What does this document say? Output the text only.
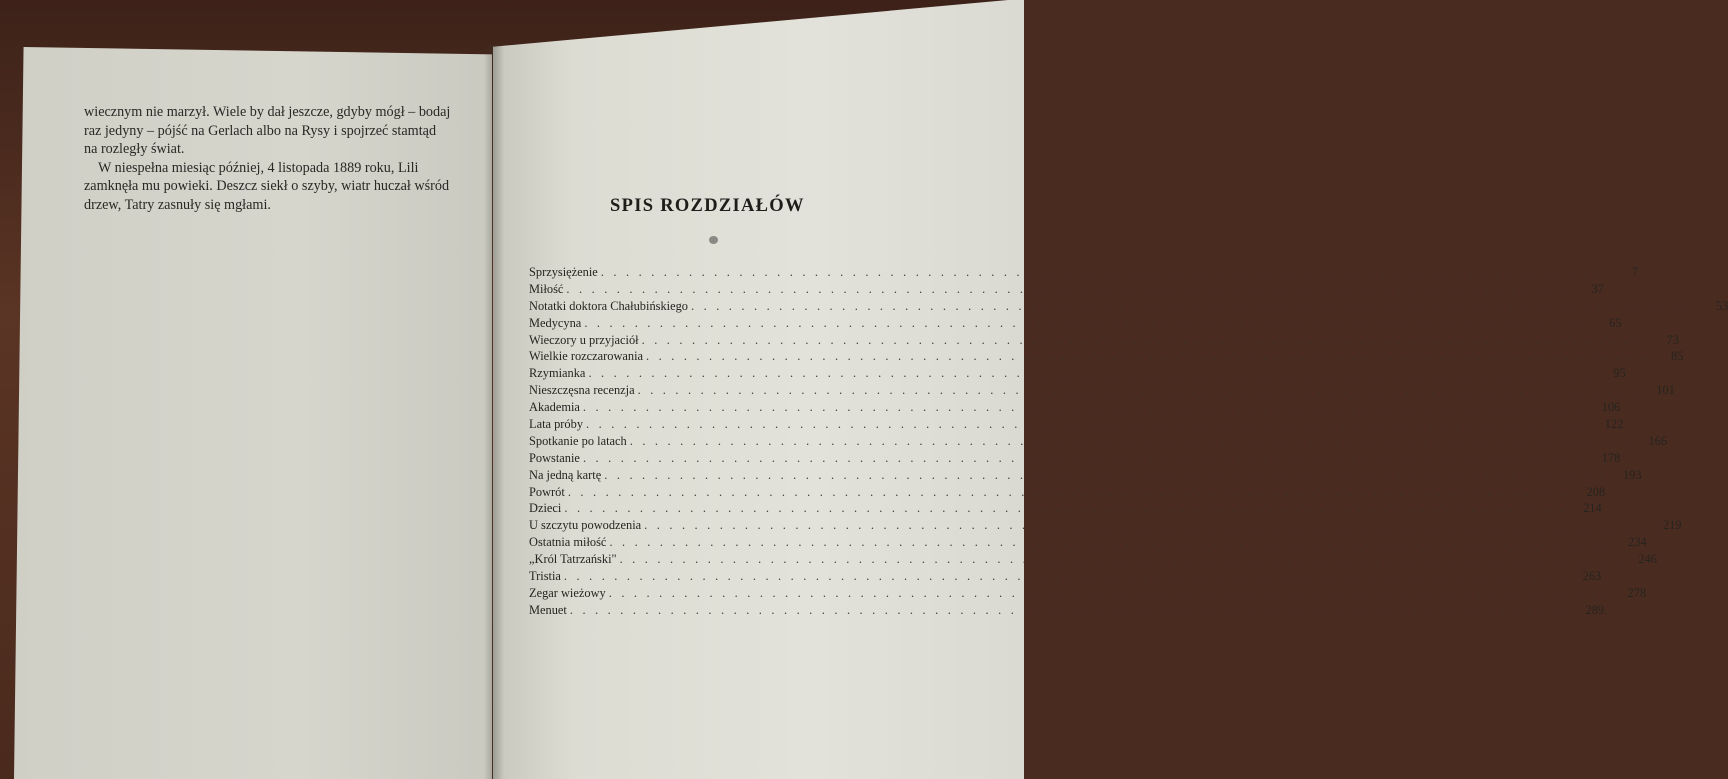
wiecznym nie marzył. Wiele by dał jeszcze, gdyby mógł – bodaj
raz jedyny – pójść na Gerlach albo na Rysy i spojrzeć stamtąd
na rozległy świat.
W niespełna miesiąc później, 4 listopada 1889 roku, Lili
zamknęła mu powieki. Deszcz siekł o szyby, wiatr huczał wśród
drzew, Tatry zasnuły się mgłami.	SPIS ROZDZIAŁÓW
Sprzysiężenie . . . . . . . . . . . . . . . . . . . . . . . . . . . . . . . . . . . . . . . . . . . . . . . . . . . . . . . . . . . . . . . . . . . . . . . . . . . . . . . .	7
Miłość . . . . . . . . . . . . . . . . . . . . . . . . . . . . . . . . . . . . . . . . . . . . . . . . . . . . . . . . . . . . . . . . . . . . . . . . . . . . . . . .	37
Notatki doktora Chałubińskiego . . . . . . . . . . . . . . . . . . . . . . . . . . . . . . . . . . . . . . . . . . . . . . . . . . . . . . . . . . . . . . . . . . . . . . . . . . . . . . . .	53
Medycyna . . . . . . . . . . . . . . . . . . . . . . . . . . . . . . . . . . . . . . . . . . . . . . . . . . . . . . . . . . . . . . . . . . . . . . . . . . . . . . . .	65
Wieczory u przyjaciół . . . . . . . . . . . . . . . . . . . . . . . . . . . . . . . . . . . . . . . . . . . . . . . . . . . . . . . . . . . . . . . . . . . . . . . . . . . . . . . .	73
Wielkie rozczarowania . . . . . . . . . . . . . . . . . . . . . . . . . . . . . . . . . . . . . . . . . . . . . . . . . . . . . . . . . . . . . . . . . . . . . . . . . . . . . . . .	85
Rzymianka . . . . . . . . . . . . . . . . . . . . . . . . . . . . . . . . . . . . . . . . . . . . . . . . . . . . . . . . . . . . . . . . . . . . . . . . . . . . . . . .	95
Nieszczęsna recenzja . . . . . . . . . . . . . . . . . . . . . . . . . . . . . . . . . . . . . . . . . . . . . . . . . . . . . . . . . . . . . . . . . . . . . . . . . . . . . . . .	101
Akademia . . . . . . . . . . . . . . . . . . . . . . . . . . . . . . . . . . . . . . . . . . . . . . . . . . . . . . . . . . . . . . . . . . . . . . . . . . . . . . . .	106
Lata próby . . . . . . . . . . . . . . . . . . . . . . . . . . . . . . . . . . . . . . . . . . . . . . . . . . . . . . . . . . . . . . . . . . . . . . . . . . . . . . . .	122
Spotkanie po latach . . . . . . . . . . . . . . . . . . . . . . . . . . . . . . . . . . . . . . . . . . . . . . . . . . . . . . . . . . . . . . . . . . . . . . . . . . . . . . . .	166
Powstanie . . . . . . . . . . . . . . . . . . . . . . . . . . . . . . . . . . . . . . . . . . . . . . . . . . . . . . . . . . . . . . . . . . . . . . . . . . . . . . . .	178
Na jedną kartę . . . . . . . . . . . . . . . . . . . . . . . . . . . . . . . . . . . . . . . . . . . . . . . . . . . . . . . . . . . . . . . . . . . . . . . . . . . . . . . .	193
Powrót . . . . . . . . . . . . . . . . . . . . . . . . . . . . . . . . . . . . . . . . . . . . . . . . . . . . . . . . . . . . . . . . . . . . . . . . . . . . . . . .	208
Dzieci . . . . . . . . . . . . . . . . . . . . . . . . . . . . . . . . . . . . . . . . . . . . . . . . . . . . . . . . . . . . . . . . . . . . . . . . . . . . . . . .	214
U szczytu powodzenia . . . . . . . . . . . . . . . . . . . . . . . . . . . . . . . . . . . . . . . . . . . . . . . . . . . . . . . . . . . . . . . . . . . . . . . . . . . . . . . .	219
Ostatnia miłość . . . . . . . . . . . . . . . . . . . . . . . . . . . . . . . . . . . . . . . . . . . . . . . . . . . . . . . . . . . . . . . . . . . . . . . . . . . . . . . .	234
„Król Tatrzański" . . . . . . . . . . . . . . . . . . . . . . . . . . . . . . . . . . . . . . . . . . . . . . . . . . . . . . . . . . . . . . . . . . . . . . . . . . . . . . . .	246
Tristia . . . . . . . . . . . . . . . . . . . . . . . . . . . . . . . . . . . . . . . . . . . . . . . . . . . . . . . . . . . . . . . . . . . . . . . . . . . . . . . .	263
Zegar wieżowy . . . . . . . . . . . . . . . . . . . . . . . . . . . . . . . . . . . . . . . . . . . . . . . . . . . . . . . . . . . . . . . . . . . . . . . . . . . . . . . .	278
Menuet . . . . . . . . . . . . . . . . . . . . . . . . . . . . . . . . . . . . . . . . . . . . . . . . . . . . . . . . . . . . . . . . . . . . . . . . . . . . . . . .	289.
